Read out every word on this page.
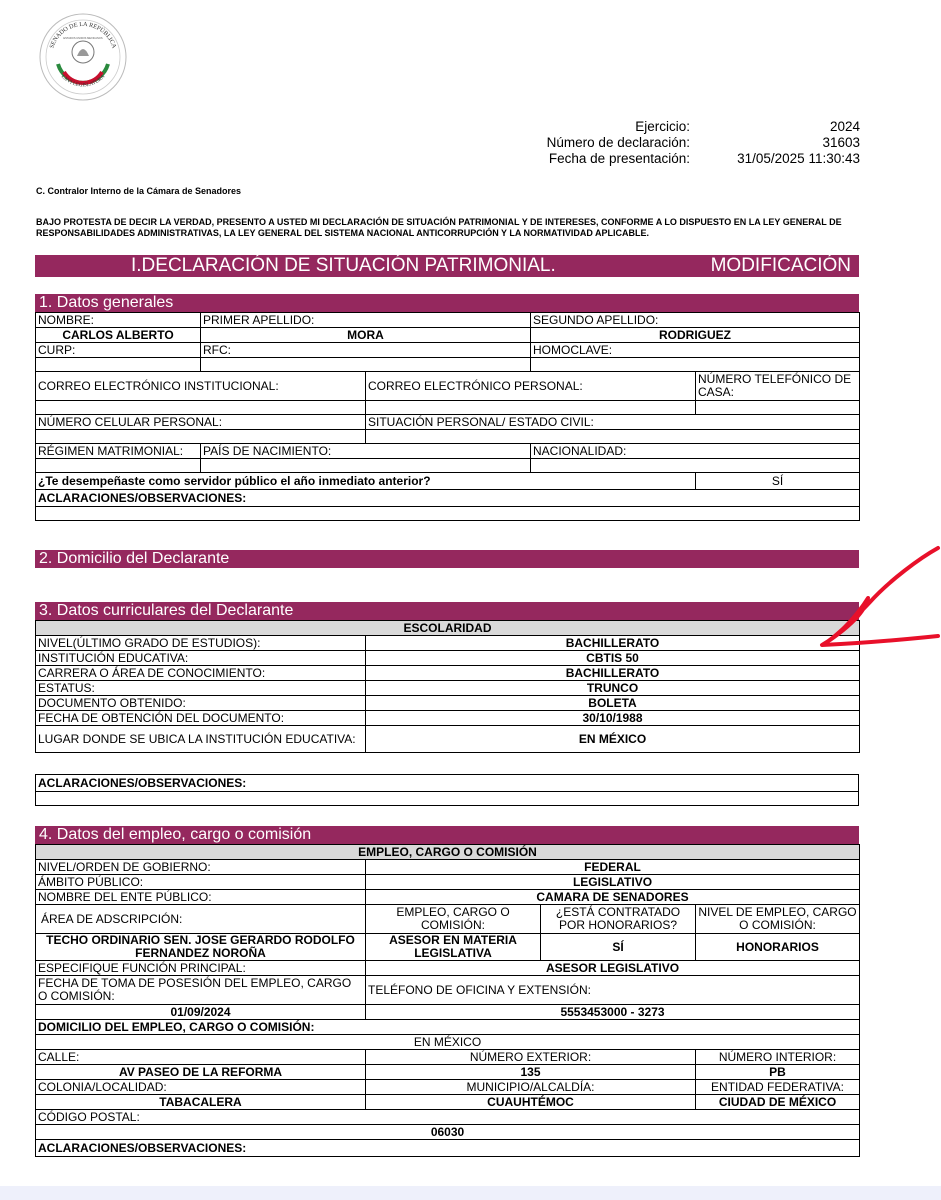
SENADO DE LA REPÚBLICA
LXVI LEGISLATURA
ESTADOS UNIDOS MEXICANOS
Ejercicio:	2024
Número de declaración:	31603
Fecha de presentación:	31/05/2025 11:30:43
C. Contralor Interno de la Cámara de Senadores
BAJO PROTESTA DE DECIR LA VERDAD, PRESENTO A USTED MI DECLARACIÓN DE SITUACIÓN PATRIMONIAL Y DE INTERESES, CONFORME A LO DISPUESTO EN LA LEY GENERAL DE RESPONSABILIDADES ADMINISTRATIVAS, LA LEY GENERAL DEL SISTEMA NACIONAL ANTICORRUPCIÓN Y LA NORMATIVIDAD APLICABLE.
I.DECLARACIÓN DE SITUACIÓN PATRIMONIAL.	MODIFICACIÓN
1. Datos generales
NOMBRE:	PRIMER APELLIDO:		SEGUNDO APELLIDO:	
CARLOS ALBERTO	MORA		RODRIGUEZ	
CURP:	RFC:		HOMOCLAVE:	

CORREO ELECTRÓNICO INSTITUCIONAL:		CORREO ELECTRÓNICO PERSONAL:		NÚMERO TELEFÓNICO DE CASA:

NÚMERO CELULAR PERSONAL:		SITUACIÓN PERSONAL/ ESTADO CIVIL:		

RÉGIMEN MATRIMONIAL:	PAÍS DE NACIMIENTO:		NACIONALIDAD:	

¿Te desempeñaste como servidor público el año inmediato anterior?				SÍ
ACLARACIONES/OBSERVACIONES:				

2. Domicilio del Declarante
3. Datos curriculares del Declarante
ESCOLARIDAD	
NIVEL(ÚLTIMO GRADO DE ESTUDIOS):	BACHILLERATO
INSTITUCIÓN EDUCATIVA:	CBTIS 50
CARRERA O ÁREA DE CONOCIMIENTO:	BACHILLERATO
ESTATUS:	TRUNCO
DOCUMENTO OBTENIDO:	BOLETA
FECHA DE OBTENCIÓN DEL DOCUMENTO:	30/10/1988
LUGAR DONDE SE UBICA LA INSTITUCIÓN EDUCATIVA:	EN MÉXICO
ACLARACIONES/OBSERVACIONES:

4. Datos del empleo, cargo o comisión
EMPLEO, CARGO O COMISIÓN			
NIVEL/ORDEN DE GOBIERNO:	FEDERAL		
ÁMBITO PÚBLICO:	LEGISLATIVO		
NOMBRE DEL ENTE PÚBLICO:	CAMARA DE SENADORES		
ÁREA DE ADSCRIPCIÓN:	EMPLEO, CARGO O COMISIÓN:	¿ESTÁ CONTRATADO POR HONORARIOS?	NIVEL DE EMPLEO, CARGO O COMISIÓN:
TECHO ORDINARIO SEN. JOSE GERARDO RODOLFO FERNANDEZ NOROÑA	ASESOR EN MATERIA LEGISLATIVA	SÍ	HONORARIOS
ESPECIFIQUE FUNCIÓN PRINCIPAL:	ASESOR LEGISLATIVO		
FECHA DE TOMA DE POSESIÓN DEL EMPLEO, CARGO O COMISIÓN:	TELÉFONO DE OFICINA Y EXTENSIÓN:		
01/09/2024	5553453000 - 3273		
DOMICILIO DEL EMPLEO, CARGO O COMISIÓN:			
EN MÉXICO			
CALLE:	NÚMERO EXTERIOR:		NÚMERO INTERIOR:
AV PASEO DE LA REFORMA	135		PB
COLONIA/LOCALIDAD:	MUNICIPIO/ALCALDÍA:		ENTIDAD FEDERATIVA:
TABACALERA	CUAUHTÉMOC		CIUDAD DE MÉXICO
CÓDIGO POSTAL:			
06030			
ACLARACIONES/OBSERVACIONES:			
